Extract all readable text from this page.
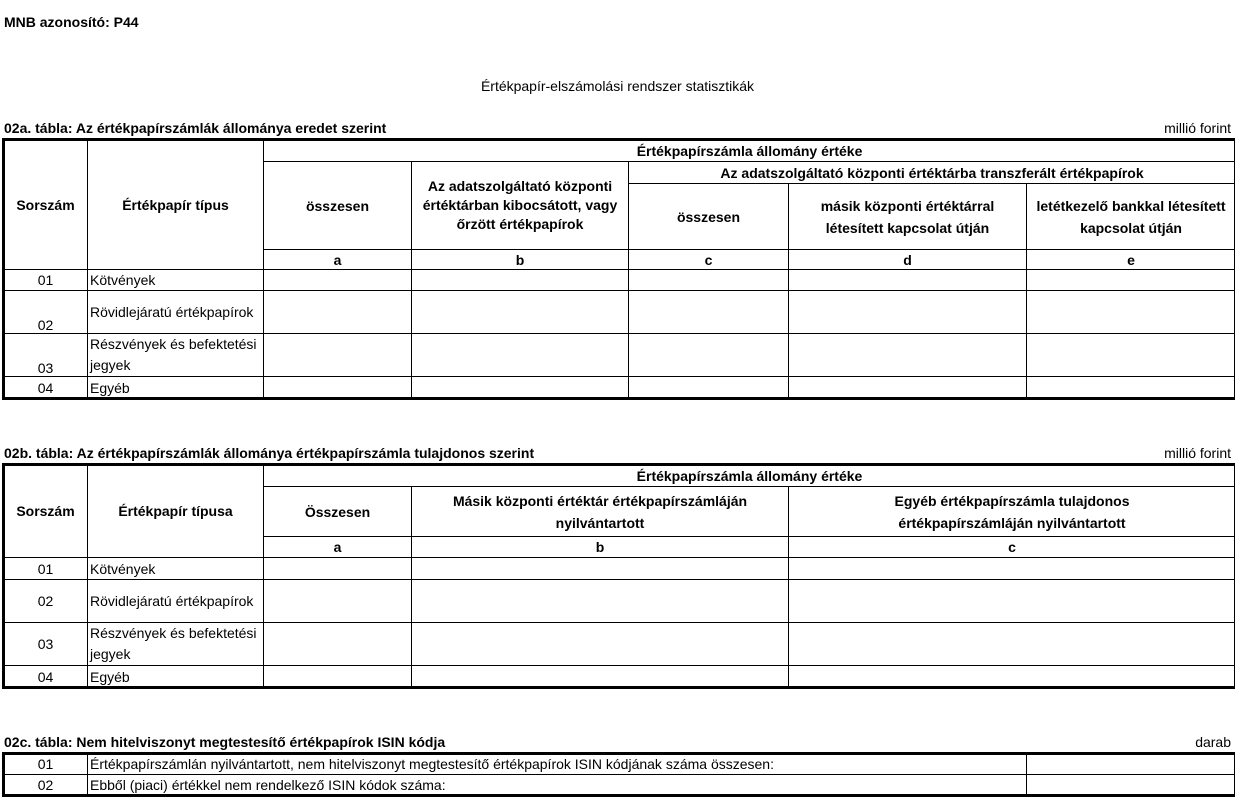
MNB azonosító: P44
Értékpapír-elszámolási rendszer statisztikák
02a. tábla: Az értékpapírszámlák állománya eredet szerint	millió forint
Sorszám	Értékpapír típus	Értékpapírszámla állomány értéke				
		összesen	Az adatszolgáltató központi értéktárban kibocsátott, vagy őrzött értékpapírok	Az adatszolgáltató központi értéktárba transzferált értékpapírok		
				összesen	másik központi értéktárral létesített kapcsolat útján	letétkezelő bankkal létesített kapcsolat útján
		a	b	c	d	e
01	Kötvények					
02	Rövidlejáratú értékpapírok					
03	Részvények és befektetési jegyek					
04	Egyéb					
02b. tábla: Az értékpapírszámlák állománya értékpapírszámla tulajdonos szerint	millió forint
Sorszám	Értékpapír típusa	Értékpapírszámla állomány értéke		
		Összesen	Másik központi értéktár értékpapírszámláján nyilvántartott	Egyéb értékpapírszámla tulajdonos értékpapírszámláján nyilvántartott
		a	b	c
01	Kötvények			
02	Rövidlejáratú értékpapírok			
03	Részvények és befektetési jegyek			
04	Egyéb			
02c. tábla: Nem hitelviszonyt megtestesítő értékpapírok ISIN kódja	darab
01	Értékpapírszámlán nyilvántartott, nem hitelviszonyt megtestesítő értékpapírok ISIN kódjának száma összesen:	
02	Ebből (piaci) értékkel nem rendelkező ISIN kódok száma:	
